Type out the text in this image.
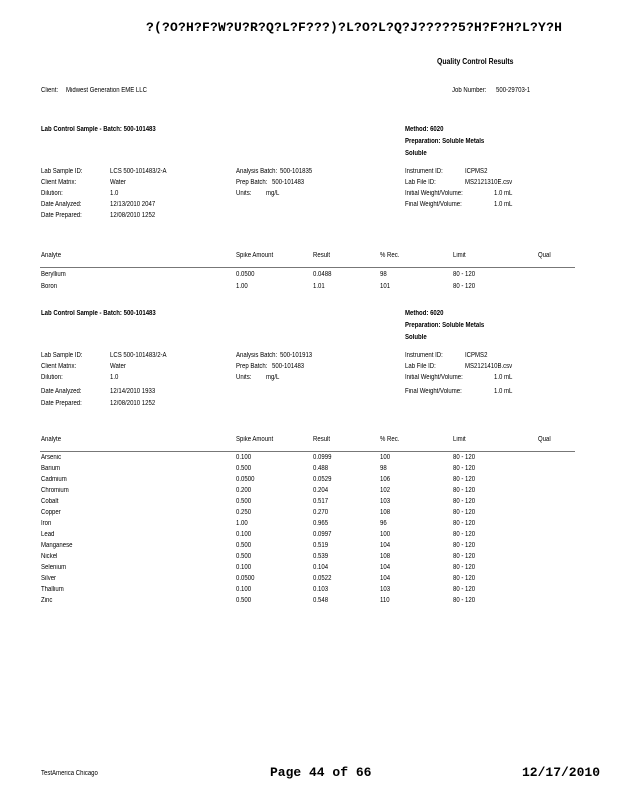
?(?O?H?F?W?U?R?Q?L?F???)?L?O?L?Q?J?????5?H?F?H?L?Y?H
Quality Control Results
Client: Midwest Generation EME LLC	Job Number: 500-29703-1
Lab Control Sample - Batch: 500-101483	Method: 6020
Preparation: Soluble Metals
Soluble
Lab Sample ID:	LCS 500-101483/2-A
Client Matrix:	Water
Dilution:	1.0
Date Analyzed:	12/13/2010 2047
Date Prepared:	12/08/2010 1252
Analysis Batch: 500-101835
Prep Batch: 500-101483
Units: mg/L
Instrument ID:	ICPMS2
Lab File ID:	MS2121310E.csv
Initial Weight/Volume:	1.0 mL
Final Weight/Volume:	1.0 mL
Analyte	Spike Amount	Result	% Rec.	Limit	Qual
Beryllium	0.0500	0.0488	98	80 - 120
Boron	1.00	1.01	101	80 - 120
Lab Control Sample - Batch: 500-101483	Method: 6020
Preparation: Soluble Metals
Soluble
Lab Sample ID:	LCS 500-101483/2-A
Client Matrix:	Water
Dilution:	1.0
Date Analyzed:	12/14/2010 1933
Date Prepared:	12/08/2010 1252
Analysis Batch: 500-101913
Prep Batch: 500-101483
Units: mg/L
Instrument ID:	ICPMS2
Lab File ID:	MS2121410B.csv
Initial Weight/Volume:	1.0 mL
Final Weight/Volume:	1.0 mL
Analyte	Spike Amount	Result	% Rec.	Limit	Qual
Arsenic	0.100	0.0999	100	80 - 120
Barium	0.500	0.488	98	80 - 120
Cadmium	0.0500	0.0529	106	80 - 120
Chromium	0.200	0.204	102	80 - 120
Cobalt	0.500	0.517	103	80 - 120
Copper	0.250	0.270	108	80 - 120
Iron	1.00	0.965	96	80 - 120
Lead	0.100	0.0997	100	80 - 120
Manganese	0.500	0.519	104	80 - 120
Nickel	0.500	0.539	108	80 - 120
Selenium	0.100	0.104	104	80 - 120
Silver	0.0500	0.0522	104	80 - 120
Thallium	0.100	0.103	103	80 - 120
Zinc	0.500	0.548	110	80 - 120
TestAmerica Chicago	Page 44 of 66	12/17/2010
